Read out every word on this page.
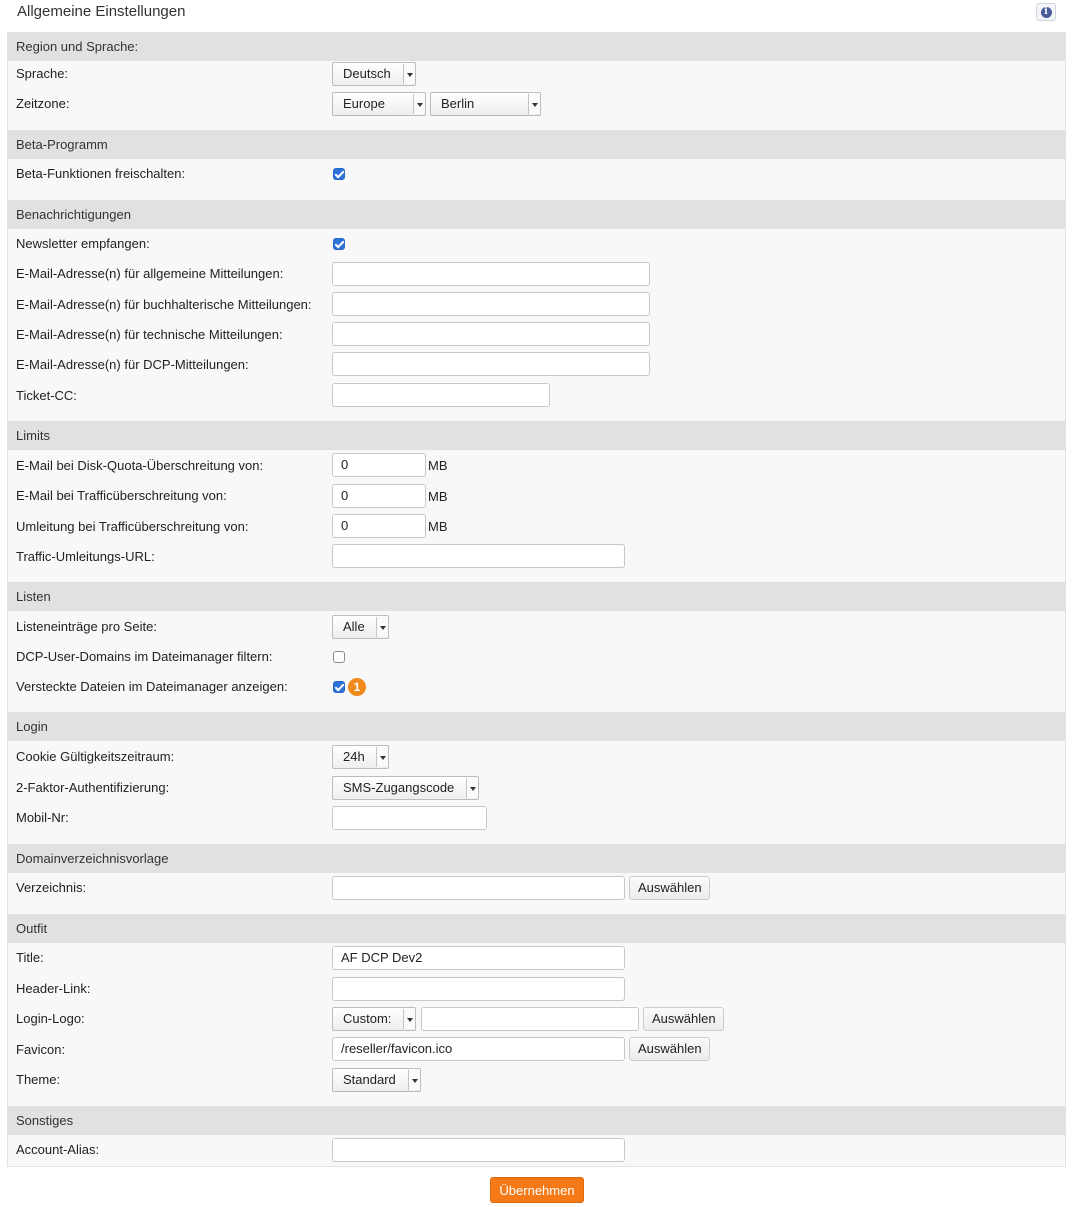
Allgemeine Einstellungen	i
Region und Sprache:
Sprache:	Deutsch
Zeitzone:	Europe	Berlin
Beta-Programm
Beta-Funktionen freischalten:
Benachrichtigungen
Newsletter empfangen:
E-Mail-Adresse(n) für allgemeine Mitteilungen:
E-Mail-Adresse(n) für buchhalterische Mitteilungen:
E-Mail-Adresse(n) für technische Mitteilungen:
E-Mail-Adresse(n) für DCP-Mitteilungen:
Ticket-CC:
Limits
E-Mail bei Disk-Quota-Überschreitung von:	0	MB
E-Mail bei Trafficüberschreitung von:	0	MB
Umleitung bei Trafficüberschreitung von:	0	MB
Traffic-Umleitungs-URL:
Listen
Listeneinträge pro Seite:	Alle
DCP-User-Domains im Dateimanager filtern:
Versteckte Dateien im Dateimanager anzeigen:	1
Login
Cookie Gültigkeitszeitraum:	24h
2-Faktor-Authentifizierung:	SMS-Zugangscode
Mobil-Nr:
Domainverzeichnisvorlage
Verzeichnis:	Auswählen
Outfit
Title:	AF DCP Dev2
Header-Link:
Login-Logo:	Custom:	Auswählen
Favicon:	/reseller/favicon.ico	Auswählen
Theme:	Standard
Sonstiges
Account-Alias:
Übernehmen
